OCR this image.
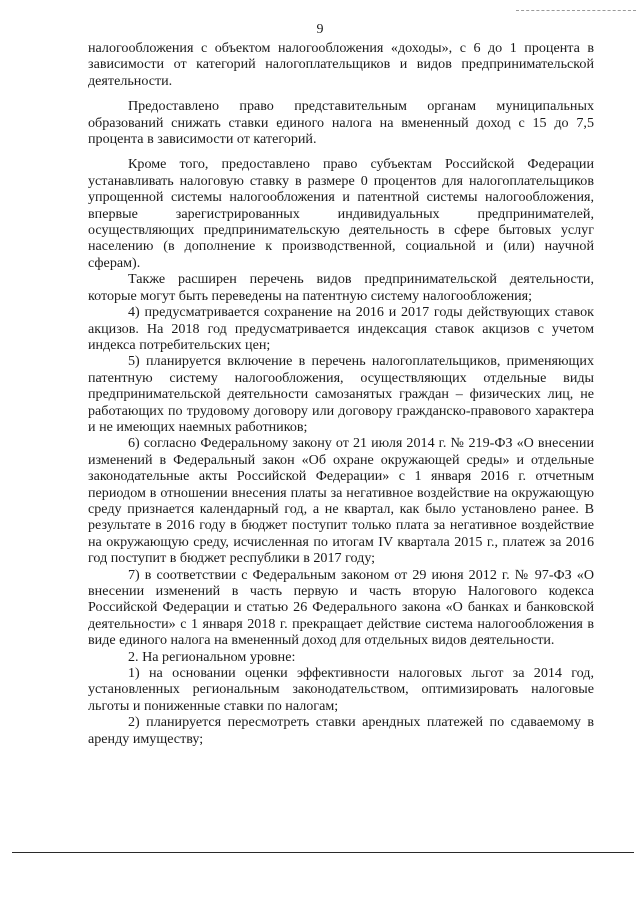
9

налогообложения с объектом налогообложения «доходы», с 6 до 1 процента в зависимости от категорий налогоплательщиков и видов предпринимательской деятельности.

Предоставлено право представительным органам муниципальных образований снижать ставки единого налога на вмененный доход с 15 до 7,5 процента в зависимости от категорий.

Кроме того, предоставлено право субъектам Российской Федерации устанавливать налоговую ставку в размере 0 процентов для налогоплательщиков упрощенной системы налогообложения и патентной системы налогообложения, впервые зарегистрированных индивидуальных предпринимателей, осуществляющих предпринимательскую деятельность в сфере бытовых услуг населению (в дополнение к производственной, социальной и (или) научной сферам).

Также расширен перечень видов предпринимательской деятельности, которые могут быть переведены на патентную систему налогообложения;

4) предусматривается сохранение на 2016 и 2017 годы действующих ставок акцизов. На 2018 год предусматривается индексация ставок акцизов с учетом индекса потребительских цен;

5) планируется включение в перечень налогоплательщиков, применяющих патентную систему налогообложения, осуществляющих отдельные виды предпринимательской деятельности самозанятых граждан – физических лиц, не работающих по трудовому договору или договору гражданско-правового характера и не имеющих наемных работников;

6) согласно Федеральному закону от 21 июля 2014 г. № 219-ФЗ «О внесении изменений в Федеральный закон «Об охране окружающей среды» и отдельные законодательные акты Российской Федерации» с 1 января 2016 г. отчетным периодом в отношении внесения платы за негативное воздействие на окружающую среду признается календарный год, а не квартал, как было установлено ранее. В результате в 2016 году в бюджет поступит только плата за негативное воздействие на окружающую среду, исчисленная по итогам IV квартала 2015 г., платеж за 2016 год поступит в бюджет республики в 2017 году;

7) в соответствии с Федеральным законом от 29 июня 2012 г. № 97-ФЗ «О внесении изменений в часть первую и часть вторую Налогового кодекса Российской Федерации и статью 26 Федерального закона «О банках и банковской деятельности» с 1 января 2018 г. прекращает действие система налогообложения в виде единого налога на вмененный доход для отдельных видов деятельности.

2. На региональном уровне:

1) на основании оценки эффективности налоговых льгот за 2014 год, установленных региональным законодательством, оптимизировать налоговые льготы и пониженные ставки по налогам;

2) планируется пересмотреть ставки арендных платежей по сдаваемому в аренду имуществу;
